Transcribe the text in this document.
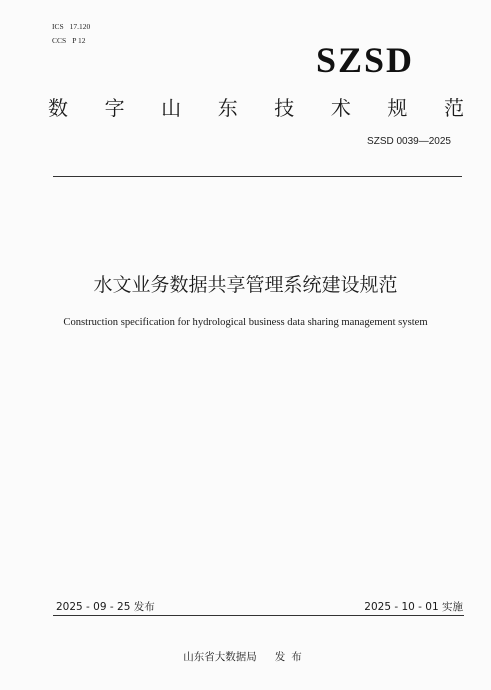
ICS 17.120
CCS P 12	SZSD
数 字 山 东 技 术 规 范
SZSD 0039—2025
水文业务数据共享管理系统建设规范
Construction specification for hydrological business data sharing management system
2025 - 09 - 25 发布	2025 - 10 - 01 实施
山东省大数据局 发布
